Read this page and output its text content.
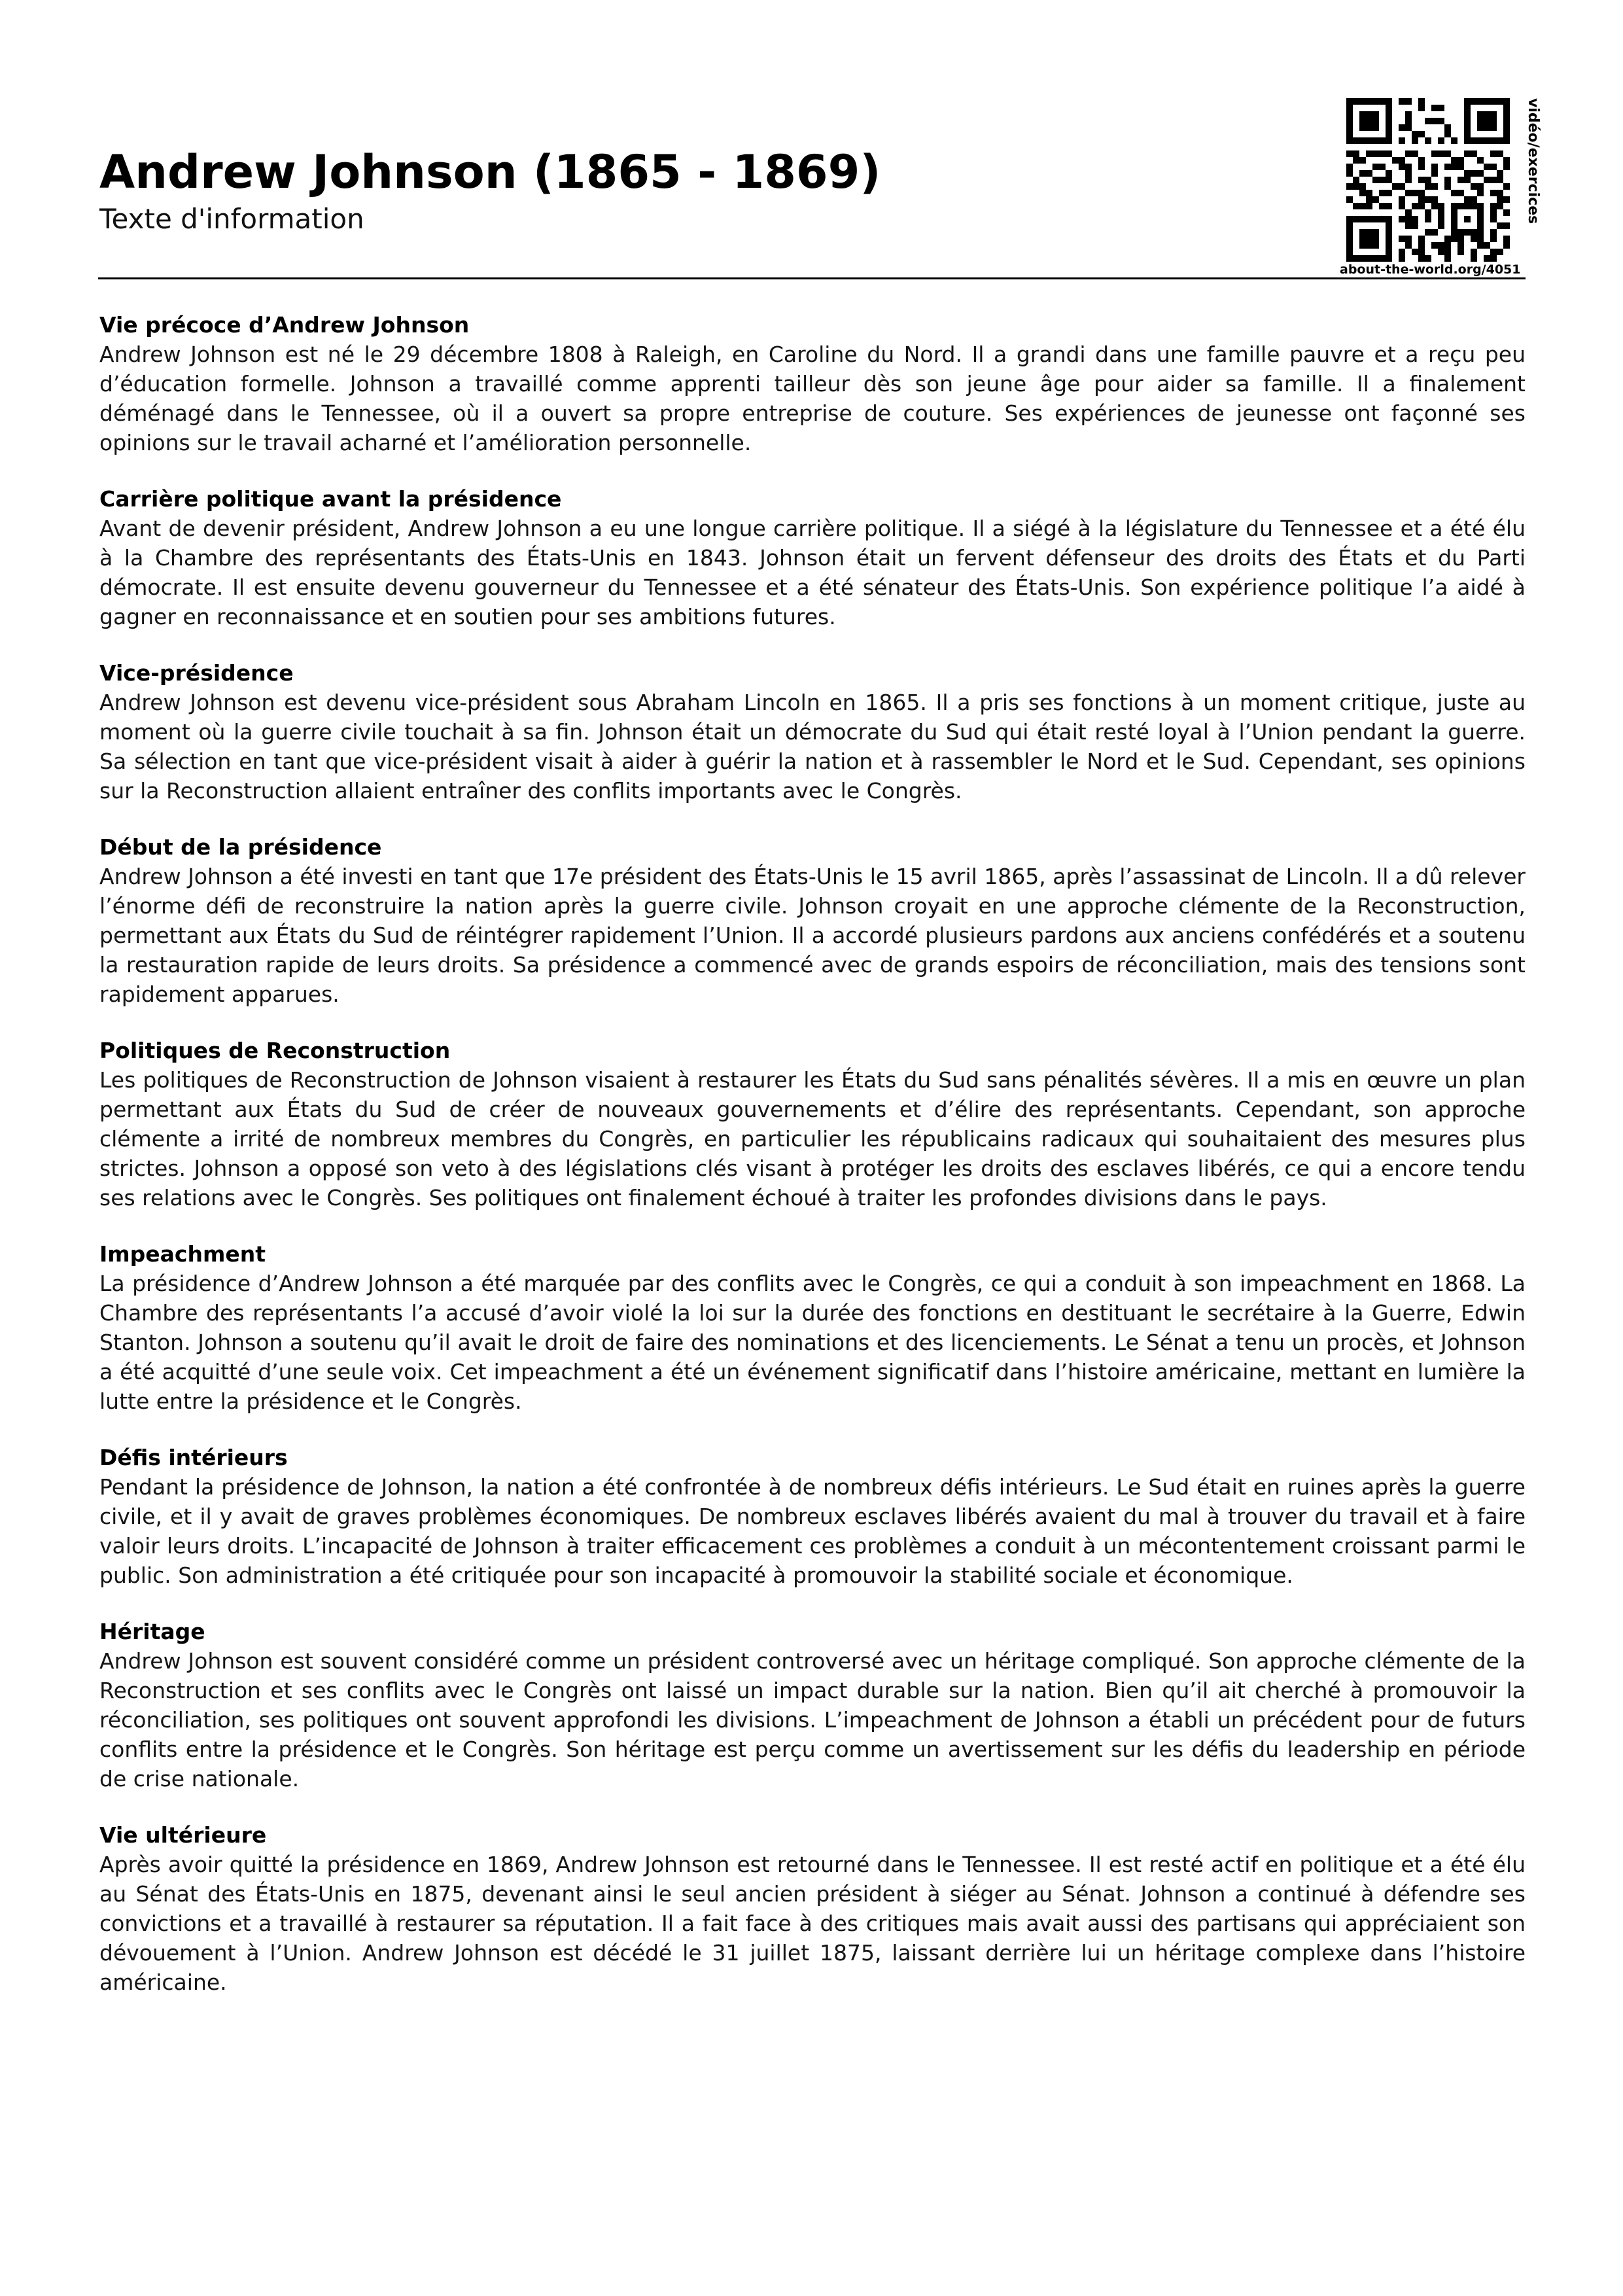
Andrew Johnson (1865 - 1869)

Texte d'information	vidéo/exercices
about-the-world.org/4051

Vie précoce d’Andrew Johnson

Andrew Johnson est né le 29 décembre 1808 à Raleigh, en Caroline du Nord. Il a grandi dans une famille pauvre et a reçu peu d’éducation formelle. Johnson a travaillé comme apprenti tailleur dès son jeune âge pour aider sa famille. Il a finalement déménagé dans le Tennessee, où il a ouvert sa propre entreprise de couture. Ses expériences de jeunesse ont façonné ses opinions sur le travail acharné et l’amélioration personnelle.

Carrière politique avant la présidence

Avant de devenir président, Andrew Johnson a eu une longue carrière politique. Il a siégé à la législature du Tennessee et a été élu à la Chambre des représentants des États-Unis en 1843. Johnson était un fervent défenseur des droits des États et du Parti démocrate. Il est ensuite devenu gouverneur du Tennessee et a été sénateur des États-Unis. Son expérience politique l’a aidé à gagner en reconnaissance et en soutien pour ses ambitions futures.

Vice-présidence

Andrew Johnson est devenu vice-président sous Abraham Lincoln en 1865. Il a pris ses fonctions à un moment critique, juste au moment où la guerre civile touchait à sa fin. Johnson était un démocrate du Sud qui était resté loyal à l’Union pendant la guerre. Sa sélection en tant que vice-président visait à aider à guérir la nation et à rassembler le Nord et le Sud. Cependant, ses opinions sur la Reconstruction allaient entraîner des conflits importants avec le Congrès.

Début de la présidence

Andrew Johnson a été investi en tant que 17e président des États-Unis le 15 avril 1865, après l’assassinat de Lincoln. Il a dû relever l’énorme défi de reconstruire la nation après la guerre civile. Johnson croyait en une approche clémente de la Reconstruction, permettant aux États du Sud de réintégrer rapidement l’Union. Il a accordé plusieurs pardons aux anciens confédérés et a soutenu la restauration rapide de leurs droits. Sa présidence a commencé avec de grands espoirs de réconciliation, mais des tensions sont rapidement apparues.

Politiques de Reconstruction

Les politiques de Reconstruction de Johnson visaient à restaurer les États du Sud sans pénalités sévères. Il a mis en œuvre un plan permettant aux États du Sud de créer de nouveaux gouvernements et d’élire des représentants. Cependant, son approche clémente a irrité de nombreux membres du Congrès, en particulier les républicains radicaux qui souhaitaient des mesures plus strictes. Johnson a opposé son veto à des législations clés visant à protéger les droits des esclaves libérés, ce qui a encore tendu ses relations avec le Congrès. Ses politiques ont finalement échoué à traiter les profondes divisions dans le pays.

Impeachment

La présidence d’Andrew Johnson a été marquée par des conflits avec le Congrès, ce qui a conduit à son impeachment en 1868. La Chambre des représentants l’a accusé d’avoir violé la loi sur la durée des fonctions en destituant le secrétaire à la Guerre, Edwin Stanton. Johnson a soutenu qu’il avait le droit de faire des nominations et des licenciements. Le Sénat a tenu un procès, et Johnson a été acquitté d’une seule voix. Cet impeachment a été un événement significatif dans l’histoire américaine, mettant en lumière la lutte entre la présidence et le Congrès.

Défis intérieurs

Pendant la présidence de Johnson, la nation a été confrontée à de nombreux défis intérieurs. Le Sud était en ruines après la guerre civile, et il y avait de graves problèmes économiques. De nombreux esclaves libérés avaient du mal à trouver du travail et à faire valoir leurs droits. L’incapacité de Johnson à traiter efficacement ces problèmes a conduit à un mécontentement croissant parmi le public. Son administration a été critiquée pour son incapacité à promouvoir la stabilité sociale et économique.

Héritage

Andrew Johnson est souvent considéré comme un président controversé avec un héritage compliqué. Son approche clémente de la Reconstruction et ses conflits avec le Congrès ont laissé un impact durable sur la nation. Bien qu’il ait cherché à promouvoir la réconciliation, ses politiques ont souvent approfondi les divisions. L’impeachment de Johnson a établi un précédent pour de futurs conflits entre la présidence et le Congrès. Son héritage est perçu comme un avertissement sur les défis du leadership en période de crise nationale.

Vie ultérieure

Après avoir quitté la présidence en 1869, Andrew Johnson est retourné dans le Tennessee. Il est resté actif en politique et a été élu au Sénat des États-Unis en 1875, devenant ainsi le seul ancien président à siéger au Sénat. Johnson a continué à défendre ses convictions et a travaillé à restaurer sa réputation. Il a fait face à des critiques mais avait aussi des partisans qui appréciaient son dévouement à l’Union. Andrew Johnson est décédé le 31 juillet 1875, laissant derrière lui un héritage complexe dans l’histoire américaine.
